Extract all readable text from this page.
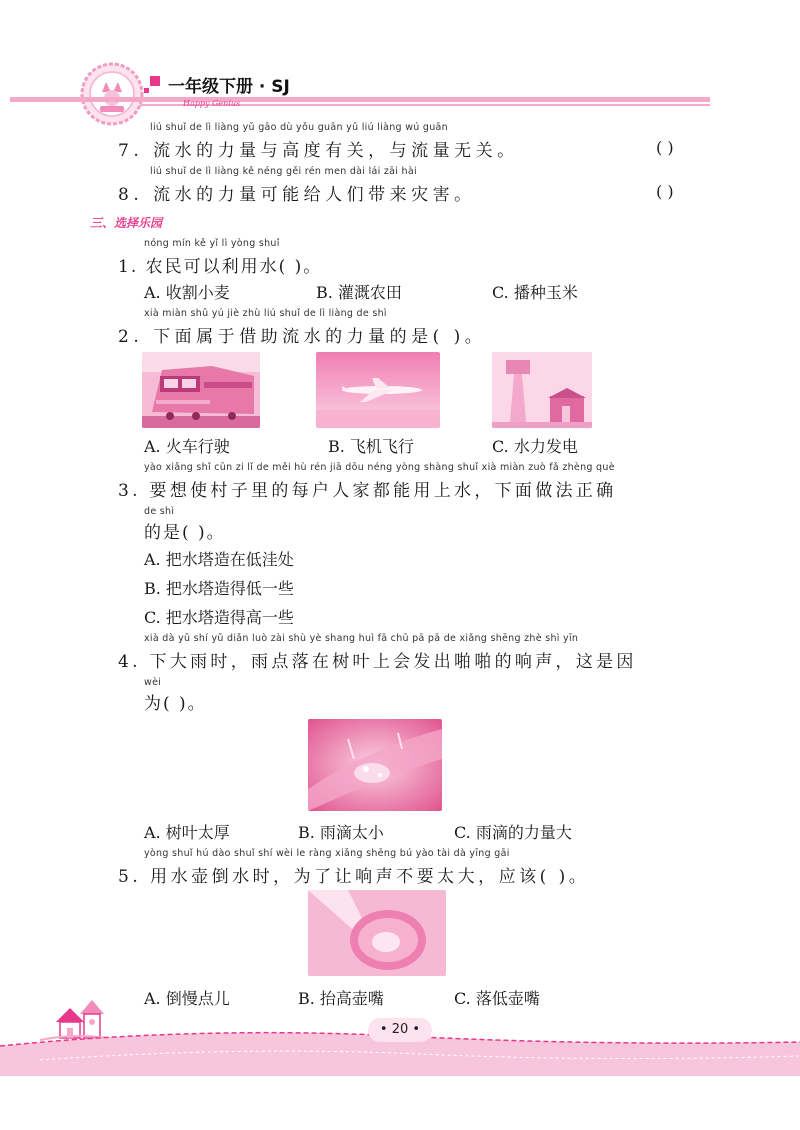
一年级下册 · SJ
Happy Genius
liú shuǐ de lì liàng yǔ gāo dù yǒu guān yǔ liú liàng wú guān
7. 流水的力量与高度有关，与流量无关。	( )
liú shuǐ de lì liàng kě néng gěi rén men dài lái zāi hài
8. 流水的力量可能给人们带来灾害。	( )
三、选择乐园
nóng mín kě yǐ lì yòng shuǐ
1. 农民可以利用水( )。
A. 收割小麦	B. 灌溉农田	C. 播种玉米
xià miàn shǔ yú jiè zhù liú shuǐ de lì liàng de shì
2. 下面属于借助流水的力量的是( )。
A. 火车行驶	B. 飞机飞行	C. 水力发电
yào xiǎng shǐ cūn zi lǐ de měi hù rén jiā dōu néng yòng shàng shuǐ xià miàn zuò fǎ zhèng què
3. 要想使村子里的每户人家都能用上水，下面做法正确
de shì
的是( )。
A. 把水塔造在低洼处
B. 把水塔造得低一些
C. 把水塔造得高一些
xià dà yǔ shí yǔ diǎn luò zài shù yè shang huì fā chū pā pā de xiǎng shēng zhè shì yīn
4. 下大雨时，雨点落在树叶上会发出啪啪的响声，这是因
wèi
为( )。
A. 树叶太厚	B. 雨滴太小	C. 雨滴的力量大
yòng shuǐ hú dào shuǐ shí wèi le ràng xiǎng shēng bú yào tài dà yīng gāi
5. 用水壶倒水时，为了让响声不要太大，应该( )。
A. 倒慢点儿	B. 抬高壶嘴	C. 落低壶嘴
• 20 •
